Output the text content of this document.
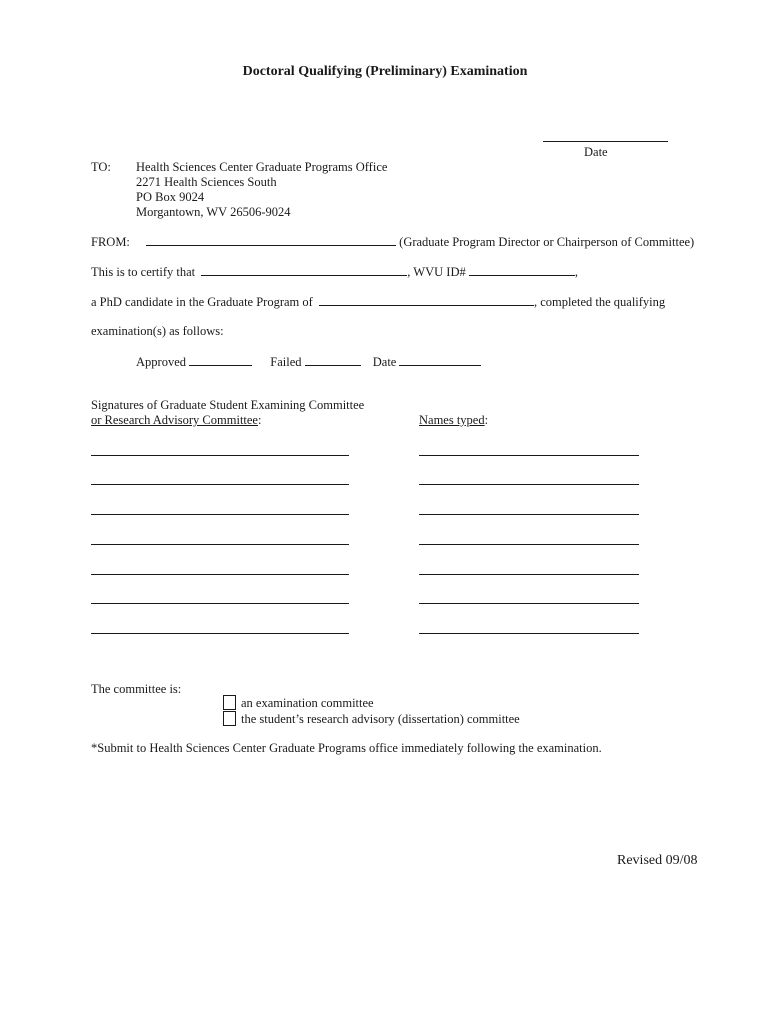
Doctoral Qualifying (Preliminary) Examination
Date
TO: Health Sciences Center Graduate Programs Office
2271 Health Sciences South
PO Box 9024
Morgantown, WV 26506-9024
FROM:	(Graduate Program Director or Chairperson of Committee)
This is to certify that	, WVU ID#	,
a PhD candidate in the Graduate Program of	, completed the qualifying
examination(s) as follows:
Approved	Failed	Date
Signatures of Graduate Student Examining Committee
or Research Advisory Committee:	Names typed:
The committee is:
an examination committee
the student’s research advisory (dissertation) committee
*Submit to Health Sciences Center Graduate Programs office immediately following the examination.
Revised 09/08
